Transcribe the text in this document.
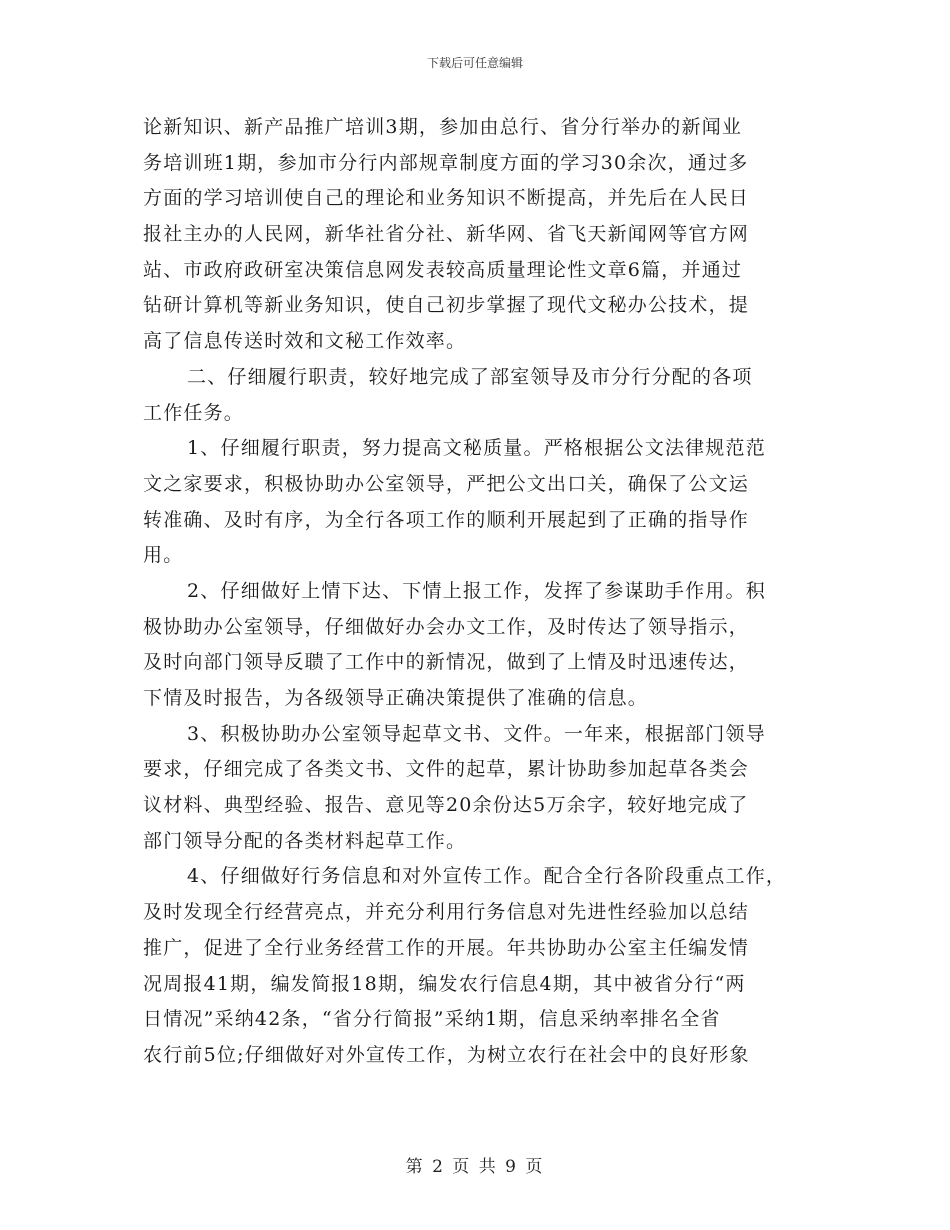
下载后可任意编辑
论新知识、新产品推广培训3期，参加由总行、省分行举办的新闻业
务培训班1期，参加市分行内部规章制度方面的学习30余次，通过多
方面的学习培训使自己的理论和业务知识不断提高，并先后在人民日
报社主办的人民网，新华社省分社、新华网、省飞天新闻网等官方网
站、市政府政研室决策信息网发表较高质量理论性文章6篇，并通过
钻研计算机等新业务知识，使自己初步掌握了现代文秘办公技术，提
高了信息传送时效和文秘工作效率。
二、仔细履行职责，较好地完成了部室领导及市分行分配的各项
工作任务。
1、仔细履行职责，努力提高文秘质量。严格根据公文法律规范范
文之家要求，积极协助办公室领导，严把公文出口关，确保了公文运
转准确、及时有序，为全行各项工作的顺利开展起到了正确的指导作
用。
2、仔细做好上情下达、下情上报工作，发挥了参谋助手作用。积
极协助办公室领导，仔细做好办会办文工作，及时传达了领导指示，
及时向部门领导反聩了工作中的新情况，做到了上情及时迅速传达，
下情及时报告，为各级领导正确决策提供了准确的信息。
3、积极协助办公室领导起草文书、文件。一年来，根据部门领导
要求，仔细完成了各类文书、文件的起草，累计协助参加起草各类会
议材料、典型经验、报告、意见等20余份达5万余字，较好地完成了
部门领导分配的各类材料起草工作。
4、仔细做好行务信息和对外宣传工作。配合全行各阶段重点工作，
及时发现全行经营亮点，并充分利用行务信息对先进性经验加以总结
推广，促进了全行业务经营工作的开展。年共协助办公室主任编发情
况周报41期，编发简报18期，编发农行信息4期，其中被省分行“两
日情况”采纳42条，“省分行简报”采纳1期，信息采纳率排名全省
农行前5位;仔细做好对外宣传工作，为树立农行在社会中的良好形象
第 2 页 共 9 页
